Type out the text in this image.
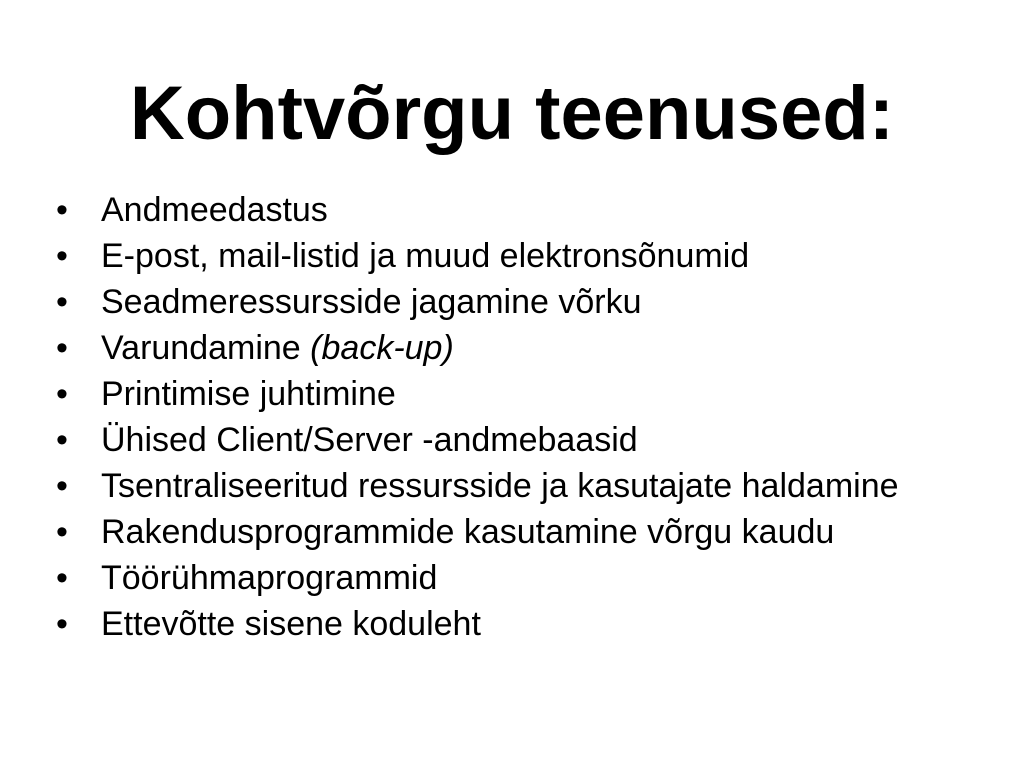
Kohtvõrgu teenused:
• Andmeedastus
• E-post, mail-listid ja muud elektronsõnumid
• Seadmeressursside jagamine võrku
• Varundamine (back-up)
• Printimise juhtimine
• Ühised Client/Server -andmebaasid
• Tsentraliseeritud ressursside ja kasutajate haldamine
• Rakendusprogrammide kasutamine võrgu kaudu
• Töörühmaprogrammid
• Ettevõtte sisene koduleht
